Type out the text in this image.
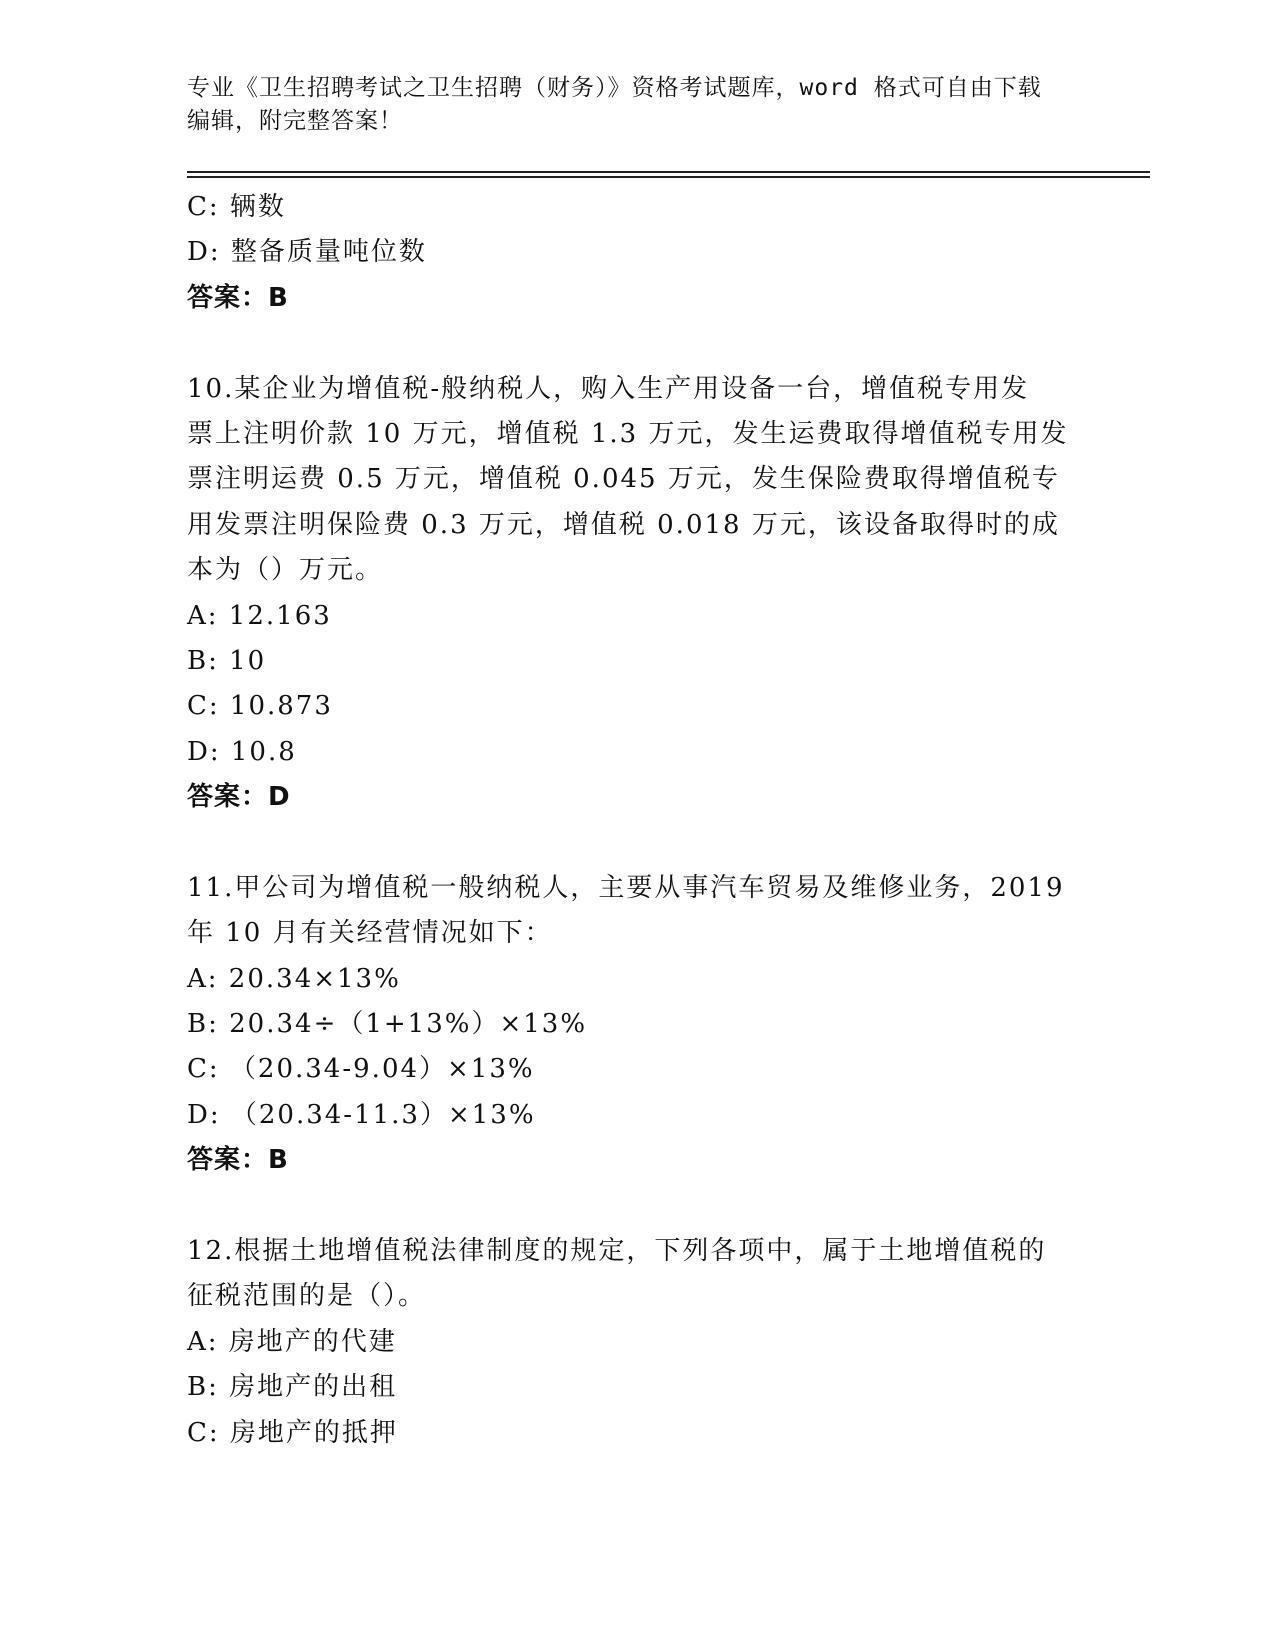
专业《卫生招聘考试之卫生招聘（财务）》资格考试题库，word 格式可自由下载
编辑，附完整答案！
C: 辆数
D: 整备质量吨位数
答案：B
10.某企业为增值税-般纳税人，购入生产用设备一台，增值税专用发
票上注明价款 10 万元，增值税 1.3 万元，发生运费取得增值税专用发
票注明运费 0.5 万元，增值税 0.045 万元，发生保险费取得增值税专
用发票注明保险费 0.3 万元，增值税 0.018 万元，该设备取得时的成
本为（）万元。
A: 12.163
B: 10
C: 10.873
D: 10.8
答案：D
11.甲公司为增值税一般纳税人，主要从事汽车贸易及维修业务，2019
年 10 月有关经营情况如下：
A: 20.34×13%
B: 20.34÷（1+13%）×13%
C: （20.34-9.04）×13%
D: （20.34-11.3）×13%
答案：B
12.根据土地增值税法律制度的规定，下列各项中，属于土地增值税的
征税范围的是（）。
A: 房地产的代建
B: 房地产的出租
C: 房地产的抵押
